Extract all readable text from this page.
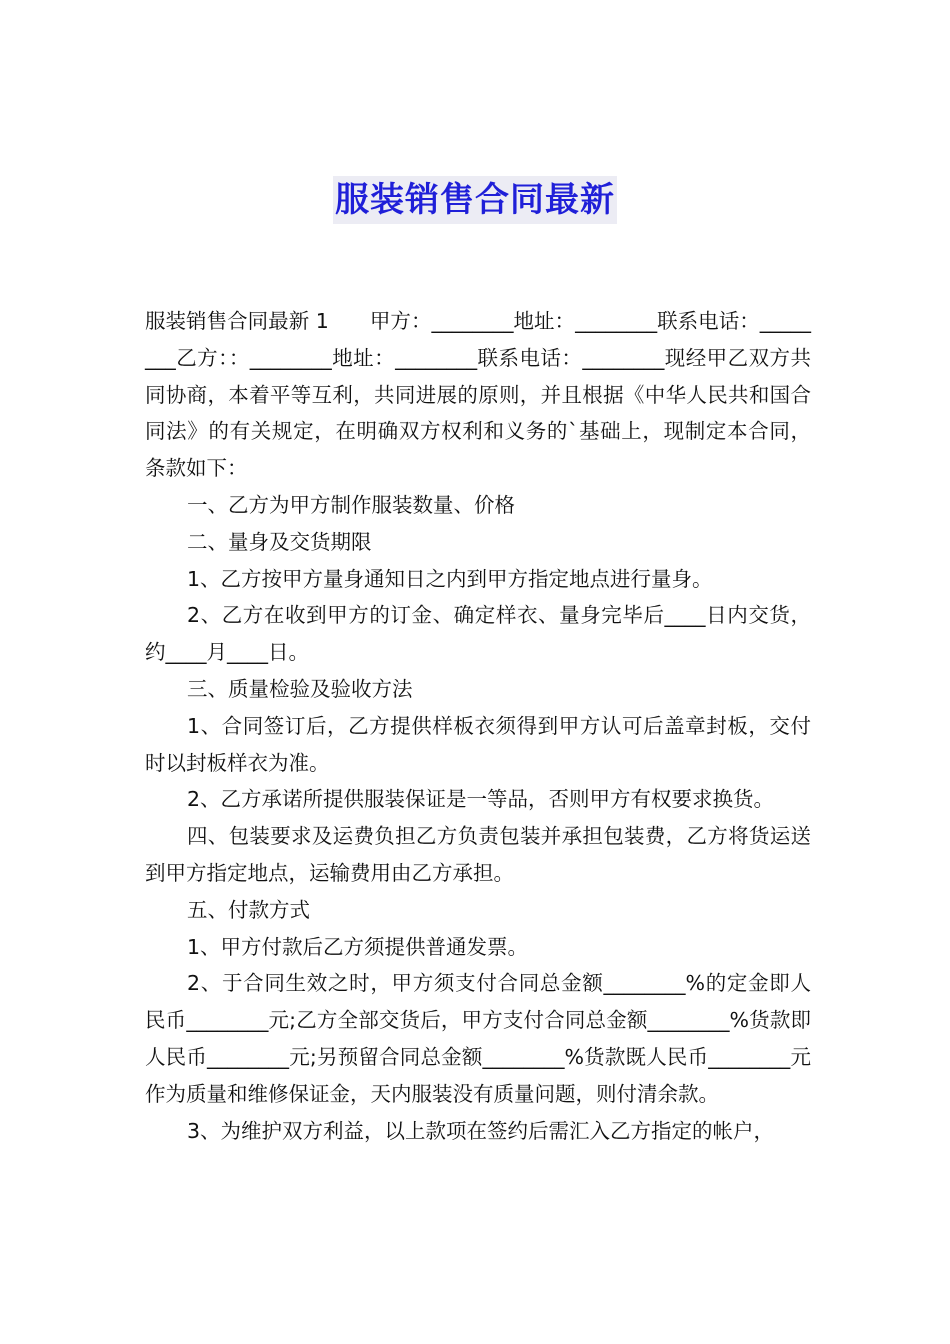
服装销售合同最新

服装销售合同最新 1　　甲方：________地址：________联系电话：________乙方：：________地址：________联系电话：________现经甲乙双方共同协商，本着平等互利，共同进展的原则，并且根据《中华人民共和国合同法》的有关规定，在明确双方权利和义务的`基础上，现制定本合同，条款如下：

一、乙方为甲方制作服装数量、价格

二、量身及交货期限

1、乙方按甲方量身通知日之内到甲方指定地点进行量身。

2、乙方在收到甲方的订金、确定样衣、量身完毕后____日内交货，约____月____日。

三、质量检验及验收方法

1、合同签订后，乙方提供样板衣须得到甲方认可后盖章封板，交付时以封板样衣为准。

2、乙方承诺所提供服装保证是一等品，否则甲方有权要求换货。

四、包装要求及运费负担乙方负责包装并承担包装费，乙方将货运送到甲方指定地点，运输费用由乙方承担。

五、付款方式

1、甲方付款后乙方须提供普通发票。

2、于合同生效之时，甲方须支付合同总金额________%的定金即人民币________元;乙方全部交货后，甲方支付合同总金额________%货款即人民币________元;另预留合同总金额________%货款既人民币________元作为质量和维修保证金，天内服装没有质量问题，则付清余款。

3、为维护双方利益，以上款项在签约后需汇入乙方指定的帐户，
